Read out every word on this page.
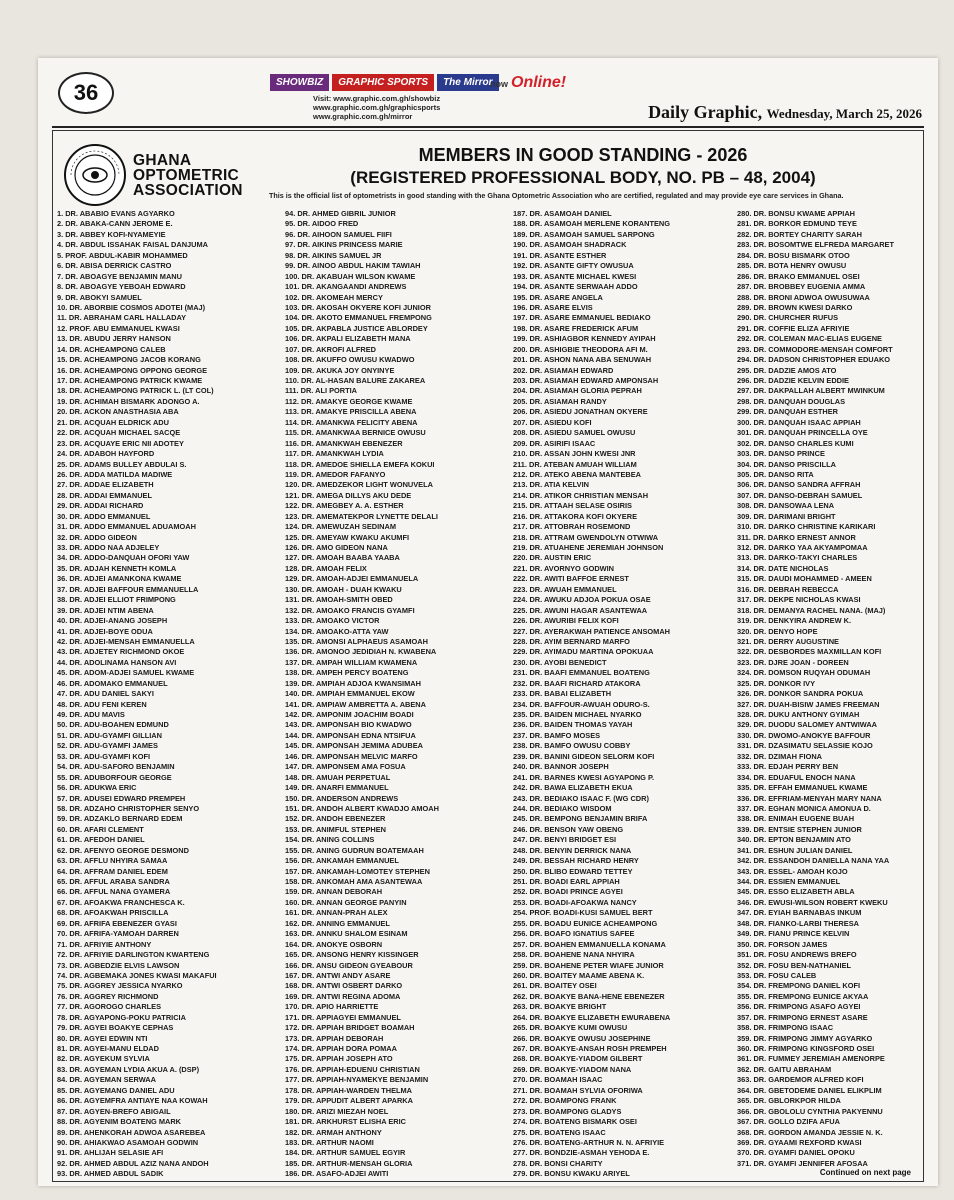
36	SHOWBIZ	GRAPHIC SPORTS	The Mirror
now Online!
Visit: www.graphic.com.gh/showbiz
www.graphic.com.gh/graphicsports
www.graphic.com.gh/mirror	Daily Graphic, Wednesday, March 25, 2026
GHANA
OPTOMETRIC
ASSOCIATION
MEMBERS IN GOOD STANDING - 2026
(REGISTERED PROFESSIONAL BODY, NO. PB – 48, 2004)
This is the official list of optometrists in good standing with the Ghana Optometric Association who are certified, regulated and may provide eye care services in Ghana.
1. DR. ABABIO EVANS AGYARKO
2. DR. ABAKA-CANN JEROME E.
3. DR. ABBEY KOFI-NYAMEYIE
4. DR. ABDUL ISSAHAK FAISAL DANJUMA
5. PROF. ABDUL-KABIR MOHAMMED
6. DR. ABISA DERRICK CASTRO
7. DR. ABOAGYE BENJAMIN MANU
8. DR. ABOAGYE YEBOAH EDWARD
9. DR. ABOKYI SAMUEL
10. DR. ABORBIE COSMOS ADOTEI (MAJ)
11. DR. ABRAHAM CARL HALLADAY
12. PROF. ABU EMMANUEL KWASI
13. DR. ABUDU JERRY HANSON
14. DR. ACHEAMPONG CALEB
15. DR. ACHEAMPONG JACOB KORANG
16. DR. ACHEAMPONG OPPONG GEORGE
17. DR. ACHEAMPONG PATRICK KWAME
18. DR. ACHEAMPONG PATRICK L. (LT COL)
19. DR. ACHIMAH BISMARK ADONGO A.
20. DR. ACKON ANASTHASIA ABA
21. DR. ACQUAH ELDRICK ADU
22. DR. ACQUAH MICHAEL SACQE
23. DR. ACQUAYE ERIC NII ADOTEY
24. DR. ADABOH HAYFORD
25. DR. ADAMS BULLEY ABDULAI S.
26. DR. ADDA MATILDA MADIWE
27. DR. ADDAE ELIZABETH
28. DR. ADDAI EMMANUEL
29. DR. ADDAI RICHARD
30. DR. ADDO EMMANUEL
31. DR. ADDO EMMANUEL ADUAMOAH
32. DR. ADDO GIDEON
33. DR. ADDO NAA ADJELEY
34. DR. ADDO-DANQUAH OFORI YAW
35. DR. ADJAH KENNETH KOMLA
36. DR. ADJEI AMANKONA KWAME
37. DR. ADJEI BAFFOUR EMMANUELLA
38. DR. ADJEI ELLIOT FRIMPONG
39. DR. ADJEI NTIM ABENA
40. DR. ADJEI-ANANG JOSEPH
41. DR. ADJEI-BOYE ODUA
42. DR. ADJEI-MENSAH EMMANUELLA
43. DR. ADJETEY RICHMOND OKOE
44. DR. ADOLINAMA HANSON AVI
45. DR. ADOM-ADJEI SAMUEL KWAME
46. DR. ADOMAKO EMMANUEL
47. DR. ADU DANIEL SAKYI
48. DR. ADU FENI KEREN
49. DR. ADU MAVIS
50. DR. ADU-BOAHEN EDMUND
51. DR. ADU-GYAMFI GILLIAN
52. DR. ADU-GYAMFI JAMES
53. DR. ADU-GYAMFI KOFI
54. DR. ADU-SAFORO BENJAMIN
55. DR. ADUBORFOUR GEORGE
56. DR. ADUKWA ERIC
57. DR. ADUSEI EDWARD PREMPEH
58. DR. ADZAHO CHRISTOPHER SENYO
59. DR. ADZAKLO BERNARD EDEM
60. DR. AFARI CLEMENT
61. DR. AFEDOH DANIEL
62. DR. AFENYO GEORGE DESMOND
63. DR. AFFLU NHYIRA SAMAA
64. DR. AFFRAM DANIEL EDEM
65. DR. AFFUL ARABA SANDRA
66. DR. AFFUL NANA GYAMERA
67. DR. AFOAKWA FRANCHESCA K.
68. DR. AFOAKWAH PRISCILLA
69. DR. AFRIFA EBENEZER GYASI
70. DR. AFRIFA-YAMOAH DARREN
71. DR. AFRIYIE ANTHONY
72. DR. AFRIYIE DARLINGTON KWARTENG
73. DR. AGBEDZIE ELVIS LAWSON
74. DR. AGBEMAKA JONES KWASI MAKAFUI
75. DR. AGGREY JESSICA NYARKO
76. DR. AGGREY RICHMOND
77. DR. AGOROGO CHARLES
78. DR. AGYAPONG-POKU PATRICIA
79. DR. AGYEI BOAKYE CEPHAS
80. DR. AGYEI EDWIN NTI
81. DR. AGYEI-MANU ELDAD
82. DR. AGYEKUM SYLVIA
83. DR. AGYEMAN LYDIA AKUA A. (DSP)
84. DR. AGYEMAN SERWAA
85. DR. AGYEMANG DANIEL ADU
86. DR. AGYEMFRA ANTIAYE NAA KOWAH
87. DR. AGYEN-BREFO ABIGAIL
88. DR. AGYENIM BOATENG MARK
89. DR. AHENKORAH ADWOA ASAREBEA
90. DR. AHIAKWAO ASAMOAH GODWIN
91. DR. AHLIJAH SELASIE AFI
92. DR. AHMED ABDUL AZIZ NANA ANDOH
93. DR. AHMED ABDUL SADIK
94. DR. AHMED GIBRIL JUNIOR
95. DR. AIDOO FRED
96. DR. AIHOON SAMUEL FIIFI
97. DR. AIKINS PRINCESS MARIE
98. DR. AIKINS SAMUEL JR
99. DR. AINOO ABDUL HAKIM TAWIAH
100. DR. AKABUAH WILSON KWAME
101. DR. AKANGAANDI ANDREWS
102. DR. AKOMEAH MERCY
103. DR. AKOSAH OKYERE KOFI JUNIOR
104. DR. AKOTO EMMANUEL FREMPONG
105. DR. AKPABLA JUSTICE ABLORDEY
106. DR. AKPALI ELIZABETH MANA
107. DR. AKROFI ALFRED
108. DR. AKUFFO OWUSU KWADWO
109. DR. AKUKA JOY ONYINYE
110. DR. AL-HASAN BALURE ZAKAREA
111. DR. ALI PORTIA
112. DR. AMAKYE GEORGE KWAME
113. DR. AMAKYE PRISCILLA ABENA
114. DR. AMANKWA FELICITY ABENA
115. DR. AMANKWAA BERNICE OWUSU
116. DR. AMANKWAH EBENEZER
117. DR. AMANKWAH LYDIA
118. DR. AMEDOE SHIELLA EMEFA KOKUI
119. DR. AMEDOR FAFANYO
120. DR. AMEDZEKOR LIGHT WONUVELA
121. DR. AMEGA DILLYS AKU DEDE
122. DR. AMEGBEY A. A. ESTHER
123. DR. AMEMATEKPOR LYNETTE DELALI
124. DR. AMEWUZAH SEDINAM
125. DR. AMEYAW KWAKU AKUMFI
126. DR. AMO GIDEON NANA
127. DR. AMOAH BAABA YAABA
128. DR. AMOAH FELIX
129. DR. AMOAH-ADJEI EMMANUELA
130. DR. AMOAH - DUAH KWAKU
131. DR. AMOAH-SMITH OBED
132. DR. AMOAKO FRANCIS GYAMFI
133. DR. AMOAKO VICTOR
134. DR. AMOAKO-ATTA YAW
135. DR. AMONSI ALPHAEUS ASAMOAH
136. DR. AMONOO JEDIDIAH N. KWABENA
137. DR. AMPAH WILLIAM KWAMENA
138. DR. AMPEH PERCY BOATENG
139. DR. AMPIAH ADJOA KWANSIMAH
140. DR. AMPIAH EMMANUEL EKOW
141. DR. AMPIAW AMBRETTA A. ABENA
142. DR. AMPONIM JOACHIM BOADI
143. DR. AMPONSAH BIO KWADWO
144. DR. AMPONSAH EDNA NTSIFUA
145. DR. AMPONSAH JEMIMA ADUBEA
146. DR. AMPONSAH MELVIC MARFO
147. DR. AMPONSEM AMA FOSUA
148. DR. AMUAH PERPETUAL
149. DR. ANARFI EMMANUEL
150. DR. ANDERSON ANDREWS
151. DR. ANDOH ALBERT KWADJO AMOAH
152. DR. ANDOH EBENEZER
153. DR. ANIMFUL STEPHEN
154. DR. ANING COLLINS
155. DR. ANING GUDRUN BOATEMAAH
156. DR. ANKAMAH EMMANUEL
157. DR. ANKAMAH-LOMOTEY STEPHEN
158. DR. ANKOMAH AMA ASANTEWAA
159. DR. ANNAN DEBORAH
160. DR. ANNAN GEORGE PANYIN
161. DR. ANNAN-PRAH ALEX
162. DR. ANNING EMMANUEL
163. DR. ANNKU SHALOM ESINAM
164. DR. ANOKYE OSBORN
165. DR. ANSONG HENRY KISSINGER
166. DR. ANSU GIDEON GYEABOUR
167. DR. ANTWI ANDY ASARE
168. DR. ANTWI OSBERT DARKO
169. DR. ANTWI REGINA ADOMA
170. DR. APIO HARRIETTE
171. DR. APPIAGYEI EMMANUEL
172. DR. APPIAH BRIDGET BOAMAH
173. DR. APPIAH DEBORAH
174. DR. APPIAH DORA POMAA
175. DR. APPIAH JOSEPH ATO
176. DR. APPIAH-EDUENU CHRISTIAN
177. DR. APPIAH-NYAMEKYE BENJAMIN
178. DR. APPIAH-WARDEN THELMA
179. DR. APPUDIT ALBERT APARKA
180. DR. ARIZI MIEZAH NOEL
181. DR. ARKHURST ELISHA ERIC
182. DR. ARMAH ANTHONY
183. DR. ARTHUR NAOMI
184. DR. ARTHUR SAMUEL EGYIR
185. DR. ARTHUR-MENSAH GLORIA
186. DR. ASAFO-ADJEI AWITI
187. DR. ASAMOAH DANIEL
188. DR. ASAMOAH MERLENE KORANTENG
189. DR. ASAMOAH SAMUEL SARPONG
190. DR. ASAMOAH SHADRACK
191. DR. ASANTE ESTHER
192. DR. ASANTE GIFTY OWUSUA
193. DR. ASANTE MICHAEL KWESI
194. DR. ASANTE SERWAAH ADDO
195. DR. ASARE ANGELA
196. DR. ASARE ELVIS
197. DR. ASARE EMMANUEL BEDIAKO
198. DR. ASARE FREDERICK AFUM
199. DR. ASHIAGBOR KENNEDY AYIPAH
200. DR. ASHIGBIE THEODORA AFI M.
201. DR. ASHON NANA ABA SENUWAH
202. DR. ASIAMAH EDWARD
203. DR. ASIAMAH EDWARD AMPONSAH
204. DR. ASIAMAH GLORIA PEPRAH
205. DR. ASIAMAH RANDY
206. DR. ASIEDU JONATHAN OKYERE
207. DR. ASIEDU KOFI
208. DR. ASIEDU SAMUEL OWUSU
209. DR. ASIRIFI ISAAC
210. DR. ASSAN JOHN KWESI JNR
211. DR. ATEBAN AMUAH WILLIAM
212. DR. ATEKO ABENA MANTEBEA
213. DR. ATIA KELVIN
214. DR. ATIKOR CHRISTIAN MENSAH
215. DR. ATTAAH SELASE OSIRIS
216. DR. ATTAKORA KOFI OKYERE
217. DR. ATTOBRAH ROSEMOND
218. DR. ATTRAM GWENDOLYN OTWIWA
219. DR. ATUAHENE JEREMIAH JOHNSON
220. DR. AUSTIN ERIC
221. DR. AVORNYO GODWIN
222. DR. AWITI BAFFOE ERNEST
223. DR. AWUAH EMMANUEL
224. DR. AWUKU ADJOA POKUA OSAE
225. DR. AWUNI HAGAR ASANTEWAA
226. DR. AWURIBI FELIX KOFI
227. DR. AYERAKWAH PATIENCE ANSOMAH
228. DR. AYIM BERNARD MARFO
229. DR. AYIMADU MARTINA OPOKUAA
230. DR. AYOBI BENEDICT
231. DR. BAAFI EMMANUEL BOATENG
232. DR. BAAFI RICHARD ATAKORA
233. DR. BABAI ELIZABETH
234. DR. BAFFOUR-AWUAH ODURO-S.
235. DR. BAIDEN MICHAEL NYARKO
236. DR. BAIDEN THOMAS YAYAH
237. DR. BAMFO MOSES
238. DR. BAMFO OWUSU COBBY
239. DR. BANINI GIDEON SELORM KOFI
240. DR. BANNOR JOSEPH
241. DR. BARNES KWESI AGYAPONG P.
242. DR. BAWA ELIZABETH EKUA
243. DR. BEDIAKO ISAAC F. (WG CDR)
244. DR. BEDIAKO WISDOM
245. DR. BEMPONG BENJAMIN BRIFA
246. DR. BENSON YAW OBENG
247. DR. BENYI BRIDGET ESI
248. DR. BENYIN DERRICK NANA
249. DR. BESSAH RICHARD HENRY
250. DR. BLIBO EDWARD TETTEY
251. DR. BOADI EARL APPIAH
252. DR. BOADI PRINCE AGYEI
253. DR. BOADI-AFOAKWA NANCY
254. PROF. BOADI-KUSI SAMUEL BERT
255. DR. BOADU EUNICE ACHEAMPONG
256. DR. BOAFO IGNATIUS SAFEE
257. DR. BOAHEN EMMANUELLA KONAMA
258. DR. BOAHENE NANA NHYIRA
259. DR. BOAHENE PETER WIAFE JUNIOR
260. DR. BOAITEY MAAME ABENA K.
261. DR. BOAITEY OSEI
262. DR. BOAKYE BANA-HENE EBENEZER
263. DR. BOAKYE BRIGHT
264. DR. BOAKYE ELIZABETH EWURABENA
265. DR. BOAKYE KUMI OWUSU
266. DR. BOAKYE OWUSU JOSEPHINE
267. DR. BOAKYE-ANSAH ROSH PREMPEH
268. DR. BOAKYE-YIADOM GILBERT
269. DR. BOAKYE-YIADOM NANA
270. DR. BOAMAH ISAAC
271. DR. BOAMAH SYLVIA OFORIWA
272. DR. BOAMPONG FRANK
273. DR. BOAMPONG GLADYS
274. DR. BOATENG BISMARK OSEI
275. DR. BOATENG ISAAC
276. DR. BOATENG-ARTHUR N. N. AFRIYIE
277. DR. BONDZIE-ASMAH YEHODA E.
278. DR. BONSI CHARITY
279. DR. BONSU KWAKU ARIYEL
280. DR. BONSU KWAME APPIAH
281. DR. BORKOR EDMUND TEYE
282. DR. BORTEY CHARITY SARAH
283. DR. BOSOMTWE ELFREDA MARGARET
284. DR. BOSU BISMARK OTOO
285. DR. BOTA HENRY OWUSU
286. DR. BRAKO EMMANUEL OSEI
287. DR. BROBBEY EUGENIA AMMA
288. DR. BRONI ADWOA OWUSUWAA
289. DR. BROWN KWESI DARKO
290. DR. CHURCHER RUFUS
291. DR. COFFIE ELIZA AFRIYIE
292. DR. COLEMAN MAC-ELIAS EUGENE
293. DR. COMMODORE-MENSAH COMFORT
294. DR. DADSON CHRISTOPHER EDUAKO
295. DR. DADZIE AMOS ATO
296. DR. DADZIE KELVIN EDDIE
297. DR. DAKPALLAH ALBERT MWINKUM
298. DR. DANQUAH DOUGLAS
299. DR. DANQUAH ESTHER
300. DR. DANQUAH ISAAC APPIAH
301. DR. DANQUAH PRINCELLA OYE
302. DR. DANSO CHARLES KUMI
303. DR. DANSO PRINCE
304. DR. DANSO PRISCILLA
305. DR. DANSO RITA
306. DR. DANSO SANDRA AFFRAH
307. DR. DANSO-DEBRAH SAMUEL
308. DR. DANSOWAA LENA
309. DR. DARIMANI BRIGHT
310. DR. DARKO CHRISTINE KARIKARI
311. DR. DARKO ERNEST ANNOR
312. DR. DARKO YAA AKYAMPOMAA
313. DR. DARKO-TAKYI CHARLES
314. DR. DATE NICHOLAS
315. DR. DAUDI MOHAMMED - AMEEN
316. DR. DEBRAH REBECCA
317. DR. DEKPE NICHOLAS KWASI
318. DR. DEMANYA RACHEL NANA. (MAJ)
319. DR. DENKYIRA ANDREW K.
320. DR. DENYO HOPE
321. DR. DERRY AUGUSTINE
322. DR. DESBORDES MAXMILLAN KOFI
323. DR. DJRE JOAN - DOREEN
324. DR. DOMSON RUQYAH ODUMAH
325. DR. DONKOR IVY
326. DR. DONKOR SANDRA POKUA
327. DR. DUAH-BISIW JAMES FREEMAN
328. DR. DUKU ANTHONY GYIMAH
329. DR. DUODU SALOMEY ANTWIWAA
330. DR. DWOMO-ANOKYE BAFFOUR
331. DR. DZASIMATU SELASSIE KOJO
332. DR. DZIMAH FIONA
333. DR. EDJAH PERRY BEN
334. DR. EDUAFUL ENOCH NANA
335. DR. EFFAH EMMANUEL KWAME
336. DR. EFFRIAM-MENYAH MARY NANA
337. DR. EGHAN MONICA AMONUA D.
338. DR. ENIMAH EUGENE BUAH
339. DR. ENTSIE STEPHEN JUNIOR
340. DR. EPTON BENJAMIN ATO
341. DR. ESHUN JULIAN DANIEL
342. DR. ESSANDOH DANIELLA NANA YAA
343. DR. ESSEL- AMOAH KOJO
344. DR. ESSIEN EMMANUEL
345. DR. ESSO ELIZABETH ABLA
346. DR. EWUSI-WILSON ROBERT KWEKU
347. DR. EYIAH BARNABAS INKUM
348. DR. FIANKO-LARBI THERESA
349. DR. FIANU PRINCE KELVIN
350. DR. FORSON JAMES
351. DR. FOSU ANDREWS BREFO
352. DR. FOSU BEN-NATHANIEL
353. DR. FOSU CALEB
354. DR. FREMPONG DANIEL KOFI
355. DR. FREMPONG EUNICE AKYAA
356. DR. FRIMPONG ASAFO AGYEI
357. DR. FRIMPONG ERNEST ASARE
358. DR. FRIMPONG ISAAC
359. DR. FRIMPONG JIMMY AGYARKO
360. DR. FRIMPONG KINGSFORD OSEI
361. DR. FUMMEY JEREMIAH AMENORPE
362. DR. GAITU ABRAHAM
363. DR. GARDEMOR ALFRED KOFI
364. DR. GBETODEME DANIEL ELIKPLIM
365. DR. GBLORKPOR HILDA
366. DR. GBOLOLU CYNTHIA PAKYENNU
367. DR. GOLLO DZIFA AFUA
368. DR. GORDON AMANDA JESSIE N. K.
369. DR. GYAAMI REXFORD KWASI
370. DR. GYAMFI DANIEL OPOKU
371. DR. GYAMFI JENNIFER AFOSAA
Continued on next page
